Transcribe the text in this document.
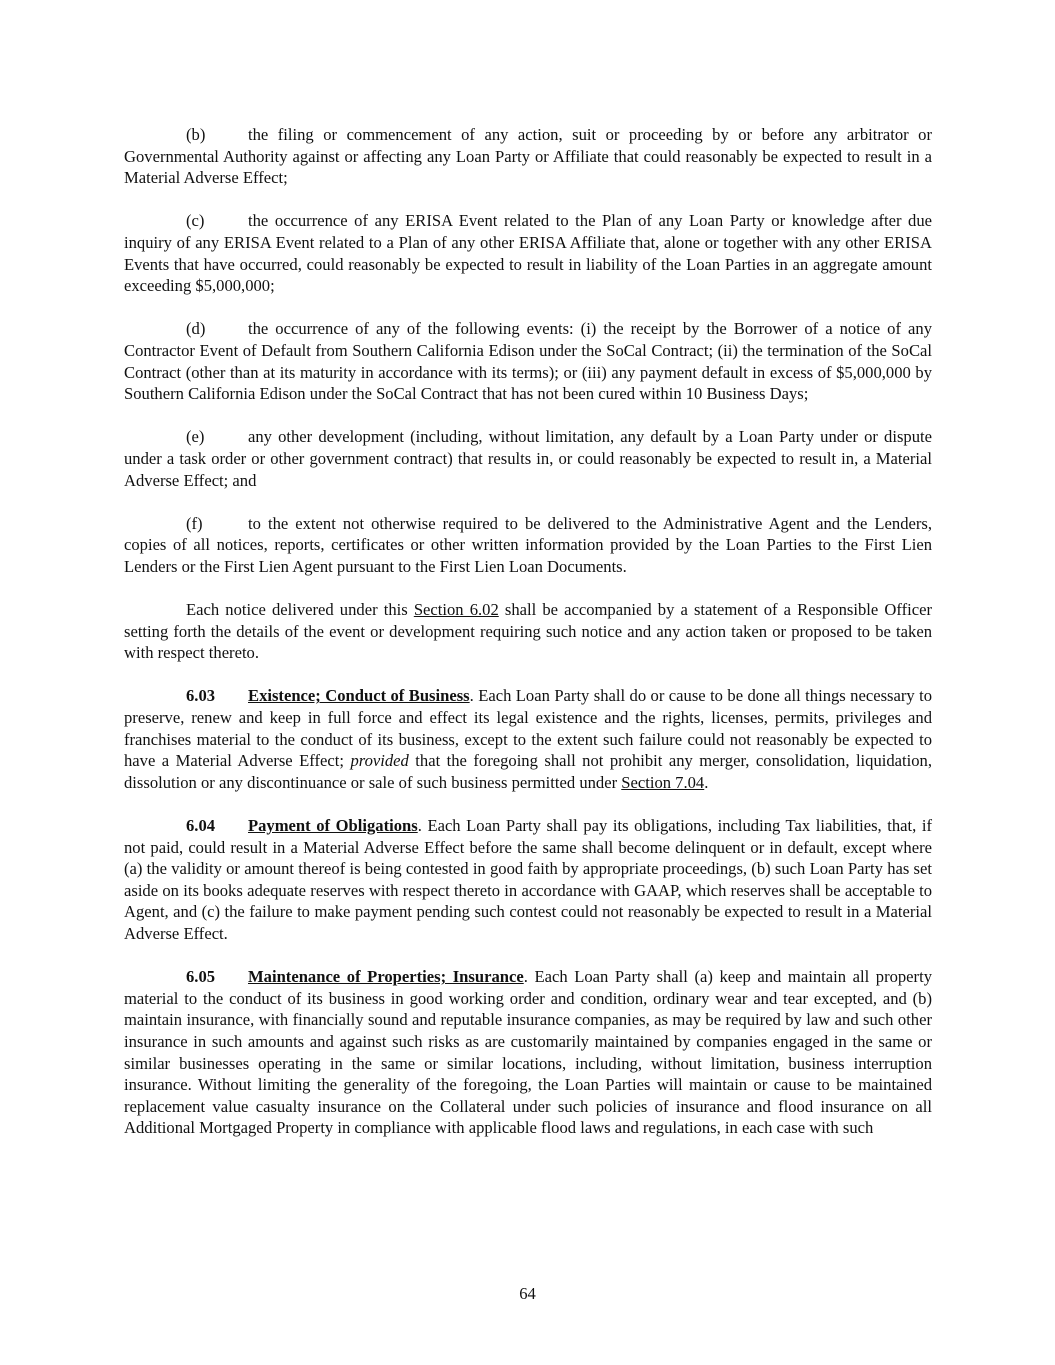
(b)	the filing or commencement of any action, suit or proceeding by or before any arbitrator or Governmental Authority against or affecting any Loan Party or Affiliate that could reasonably be expected to result in a Material Adverse Effect;

(c)	the occurrence of any ERISA Event related to the Plan of any Loan Party or knowledge after due inquiry of any ERISA Event related to a Plan of any other ERISA Affiliate that, alone or together with any other ERISA Events that have occurred, could reasonably be expected to result in liability of the Loan Parties in an aggregate amount exceeding $5,000,000;

(d)	the occurrence of any of the following events: (i) the receipt by the Borrower of a notice of any Contractor Event of Default from Southern California Edison under the SoCal Contract; (ii) the termination of the SoCal Contract (other than at its maturity in accordance with its terms); or (iii) any payment default in excess of $5,000,000 by Southern California Edison under the SoCal Contract that has not been cured within 10 Business Days;

(e)	any other development (including, without limitation, any default by a Loan Party under or dispute under a task order or other government contract) that results in, or could reasonably be expected to result in, a Material Adverse Effect; and

(f)	to the extent not otherwise required to be delivered to the Administrative Agent and the Lenders, copies of all notices, reports, certificates or other written information provided by the Loan Parties to the First Lien Lenders or the First Lien Agent pursuant to the First Lien Loan Documents.

Each notice delivered under this Section 6.02 shall be accompanied by a statement of a Responsible Officer setting forth the details of the event or development requiring such notice and any action taken or proposed to be taken with respect thereto.

6.03 Existence; Conduct of Business. Each Loan Party shall do or cause to be done all things necessary to preserve, renew and keep in full force and effect its legal existence and the rights, licenses, permits, privileges and franchises material to the conduct of its business, except to the extent such failure could not reasonably be expected to have a Material Adverse Effect; provided that the foregoing shall not prohibit any merger, consolidation, liquidation, dissolution or any discontinuance or sale of such business permitted under Section 7.04.

6.04 Payment of Obligations. Each Loan Party shall pay its obligations, including Tax liabilities, that, if not paid, could result in a Material Adverse Effect before the same shall become delinquent or in default, except where (a) the validity or amount thereof is being contested in good faith by appropriate proceedings, (b) such Loan Party has set aside on its books adequate reserves with respect thereto in accordance with GAAP, which reserves shall be acceptable to Agent, and (c) the failure to make payment pending such contest could not reasonably be expected to result in a Material Adverse Effect.

6.05 Maintenance of Properties; Insurance. Each Loan Party shall (a) keep and maintain all property material to the conduct of its business in good working order and condition, ordinary wear and tear excepted, and (b) maintain insurance, with financially sound and reputable insurance companies, as may be required by law and such other insurance in such amounts and against such risks as are customarily maintained by companies engaged in the same or similar businesses operating in the same or similar locations, including, without limitation, business interruption insurance. Without limiting the generality of the foregoing, the Loan Parties will maintain or cause to be maintained replacement value casualty insurance on the Collateral under such policies of insurance and flood insurance on all Additional Mortgaged Property in compliance with applicable flood laws and regulations, in each case with such

64
